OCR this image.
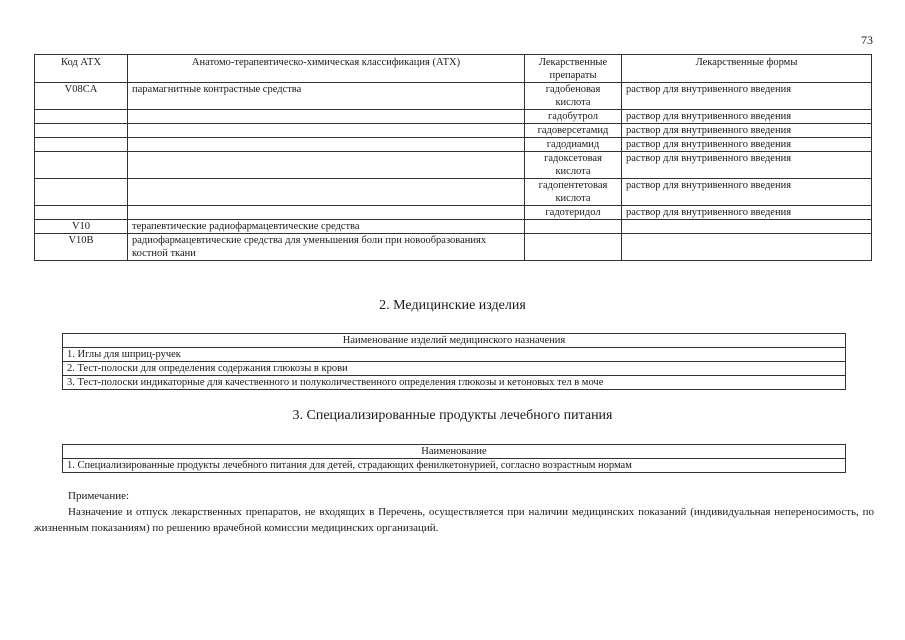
73
Код АТХ	Анатомо-терапевтическо-химическая классификация (АТХ)	Лекарственные препараты	Лекарственные формы
V08CA	парамагнитные контрастные средства	гадобеновая кислота	раствор для внутривенного введения
		гадобутрол	раствор для внутривенного введения
		гадоверсетамид	раствор для внутривенного введения
		гадодиамид	раствор для внутривенного введения
		гадоксетовая кислота	раствор для внутривенного введения
		гадопентетовая кислота	раствор для внутривенного введения
		гадотеридол	раствор для внутривенного введения
V10	терапевтические радиофармацевтические средства		
V10B	радиофармацевтические средства для уменьшения боли при новообразованиях костной ткани		
2. Медицинские изделия
Наименование изделий медицинского назначения
1. Иглы для шприц-ручек
2. Тест-полоски для определения содержания глюкозы в крови
3. Тест-полоски индикаторные для качественного и полуколичественного определения глюкозы и кетоновых тел в моче
3. Специализированные продукты лечебного питания
Наименование
1. Специализированные продукты лечебного питания для детей, страдающих фенилкетонурией, согласно возрастным нормам
Примечание:
Назначение и отпуск лекарственных препаратов, не входящих в Перечень, осуществляется при наличии медицинских показаний (индивидуальная непереносимость, по жизненным показаниям) по решению врачебной комиссии медицинских организаций.
